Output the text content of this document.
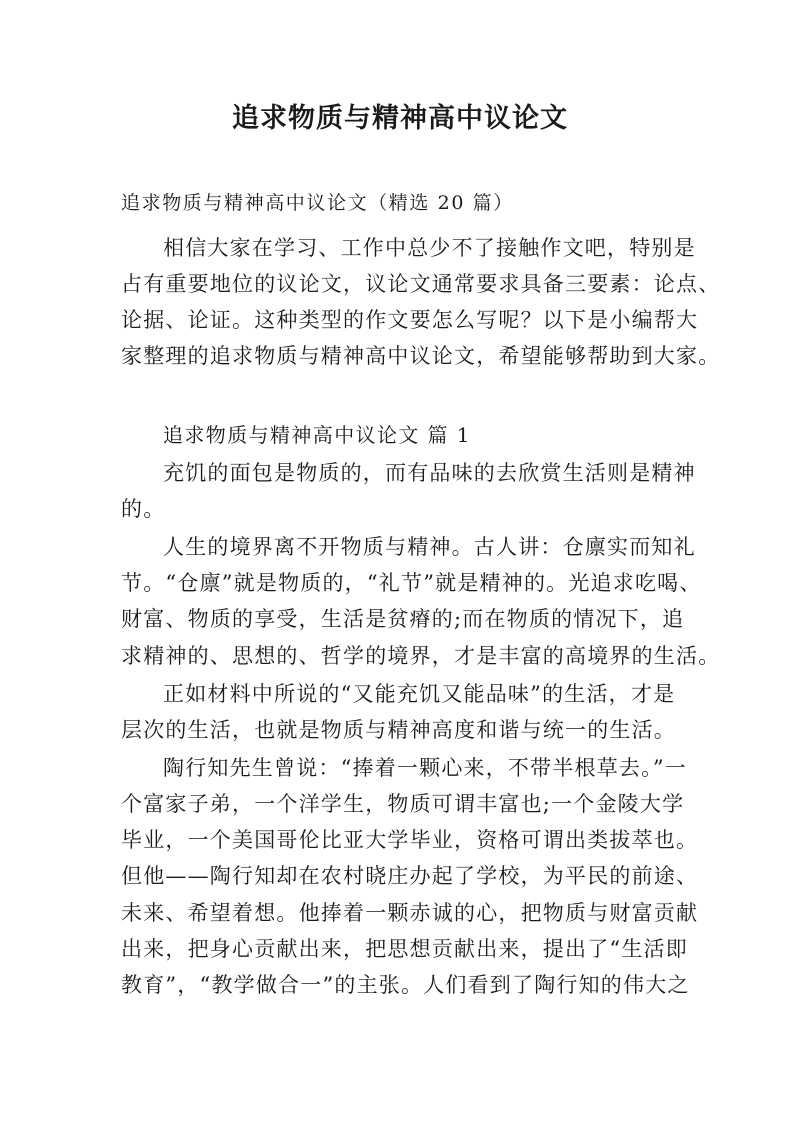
追求物质与精神高中议论文
追求物质与精神高中议论文（精选 20 篇）
相信大家在学习、工作中总少不了接触作文吧，特别是
占有重要地位的议论文，议论文通常要求具备三要素：论点、
论据、论证。这种类型的作文要怎么写呢？以下是小编帮大
家整理的追求物质与精神高中议论文，希望能够帮助到大家。
追求物质与精神高中议论文 篇 1
充饥的面包是物质的，而有品味的去欣赏生活则是精神
的。
人生的境界离不开物质与精神。古人讲：仓廪实而知礼
节。“仓廪”就是物质的，“礼节”就是精神的。光追求吃喝、
财富、物质的享受，生活是贫瘠的;而在物质的情况下，追
求精神的、思想的、哲学的境界，才是丰富的高境界的生活。
正如材料中所说的“又能充饥又能品味”的生活，才是
层次的生活，也就是物质与精神高度和谐与统一的生活。
陶行知先生曾说：“捧着一颗心来，不带半根草去。”一
个富家子弟，一个洋学生，物质可谓丰富也;一个金陵大学
毕业，一个美国哥伦比亚大学毕业，资格可谓出类拔萃也。
但他——陶行知却在农村晓庄办起了学校，为平民的前途、
未来、希望着想。他捧着一颗赤诚的心，把物质与财富贡献
出来，把身心贡献出来，把思想贡献出来，提出了“生活即
教育”，“教学做合一”的主张。人们看到了陶行知的伟大之
